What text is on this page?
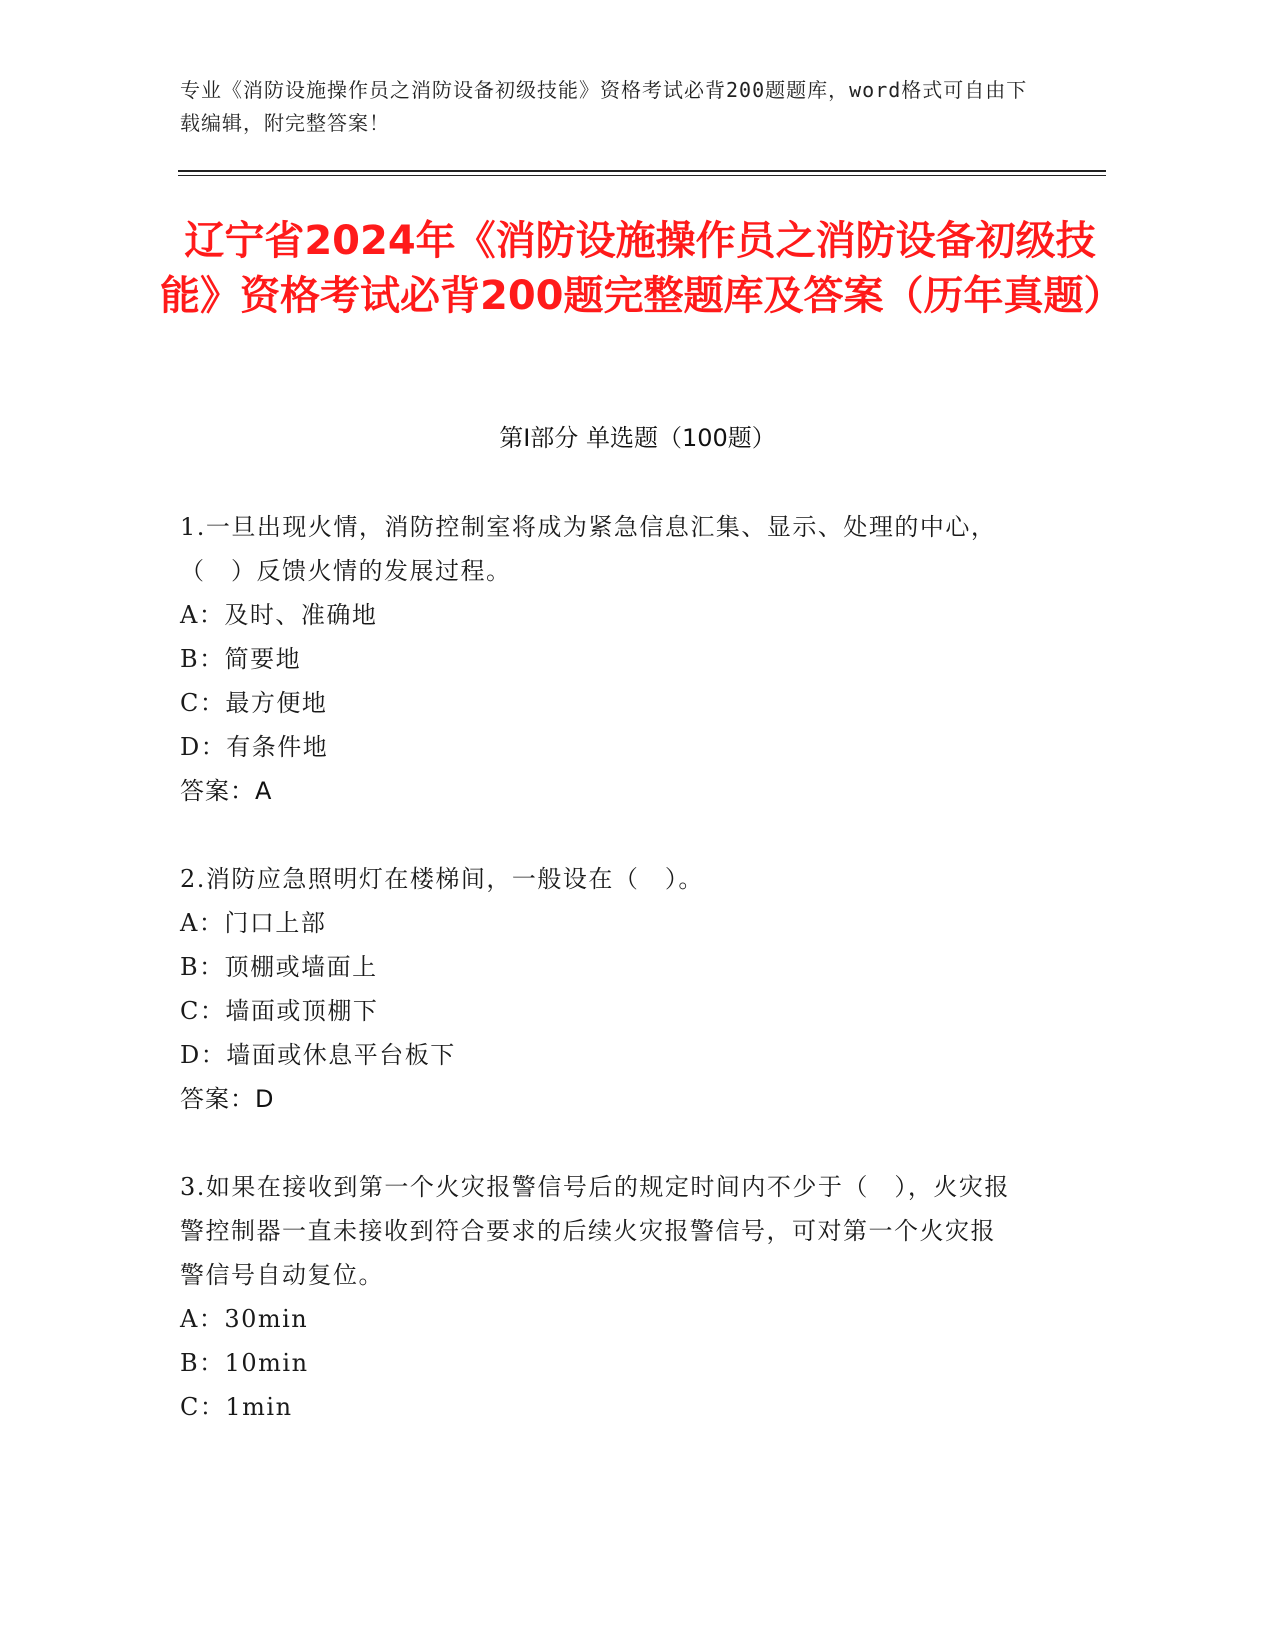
专业《消防设施操作员之消防设备初级技能》资格考试必背200题题库，word格式可自由下载编辑，附完整答案！
辽宁省2024年《消防设施操作员之消防设备初级技能》资格考试必背200题完整题库及答案（历年真题）
第I部分 单选题（100题）
1.一旦出现火情，消防控制室将成为紧急信息汇集、显示、处理的中心，（　）反馈火情的发展过程。
A：及时、准确地
B：简要地
C：最方便地
D：有条件地
答案：A
2.消防应急照明灯在楼梯间，一般设在（　）。
A：门口上部
B：顶棚或墙面上
C：墙面或顶棚下
D：墙面或休息平台板下
答案：D
3.如果在接收到第一个火灾报警信号后的规定时间内不少于（　），火灾报警控制器一直未接收到符合要求的后续火灾报警信号，可对第一个火灾报警信号自动复位。
A：30min
B：10min
C：1min
